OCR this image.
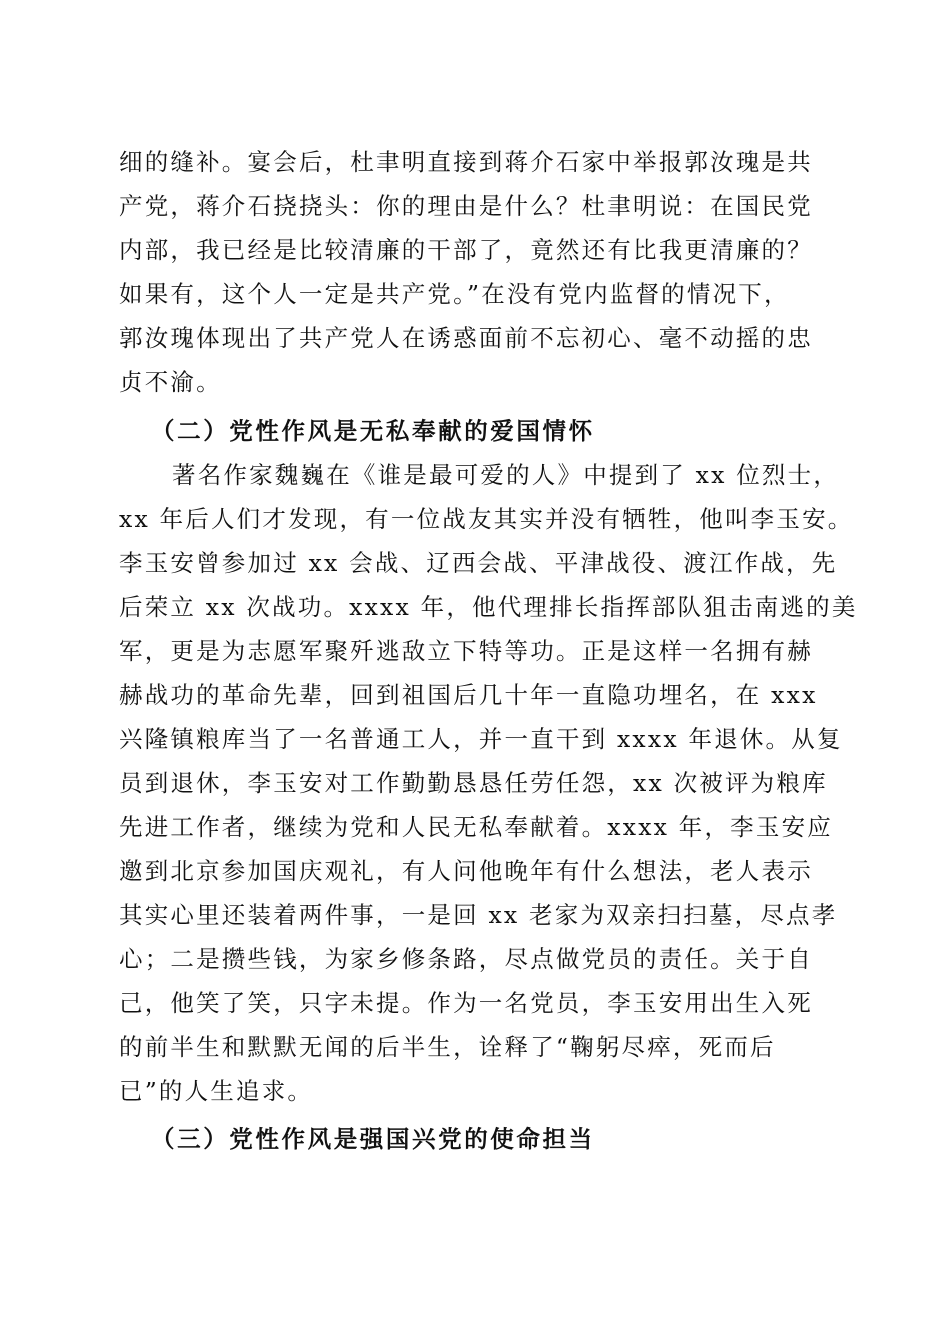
细的缝补。宴会后，杜聿明直接到蒋介石家中举报郭汝瑰是共
产党，蒋介石挠挠头：你的理由是什么？杜聿明说：在国民党
内部，我已经是比较清廉的干部了，竟然还有比我更清廉的？
如果有，这个人一定是共产党。”在没有党内监督的情况下，
郭汝瑰体现出了共产党人在诱惑面前不忘初心、毫不动摇的忠
贞不渝。
（二）党性作风是无私奉献的爱国情怀
著名作家魏巍在《谁是最可爱的人》中提到了 xx 位烈士，
xx 年后人们才发现，有一位战友其实并没有牺牲，他叫李玉安。
李玉安曾参加过 xx 会战、辽西会战、平津战役、渡江作战，先
后荣立 xx 次战功。xxxx 年，他代理排长指挥部队狙击南逃的美
军，更是为志愿军聚歼逃敌立下特等功。正是这样一名拥有赫
赫战功的革命先辈，回到祖国后几十年一直隐功埋名，在 xxx
兴隆镇粮库当了一名普通工人，并一直干到 xxxx 年退休。从复
员到退休，李玉安对工作勤勤恳恳任劳任怨，xx 次被评为粮库
先进工作者，继续为党和人民无私奉献着。xxxx 年，李玉安应
邀到北京参加国庆观礼，有人问他晚年有什么想法，老人表示
其实心里还装着两件事，一是回 xx 老家为双亲扫扫墓，尽点孝
心；二是攒些钱，为家乡修条路，尽点做党员的责任。关于自
己，他笑了笑，只字未提。作为一名党员，李玉安用出生入死
的前半生和默默无闻的后半生，诠释了“鞠躬尽瘁，死而后
已”的人生追求。
（三）党性作风是强国兴党的使命担当
